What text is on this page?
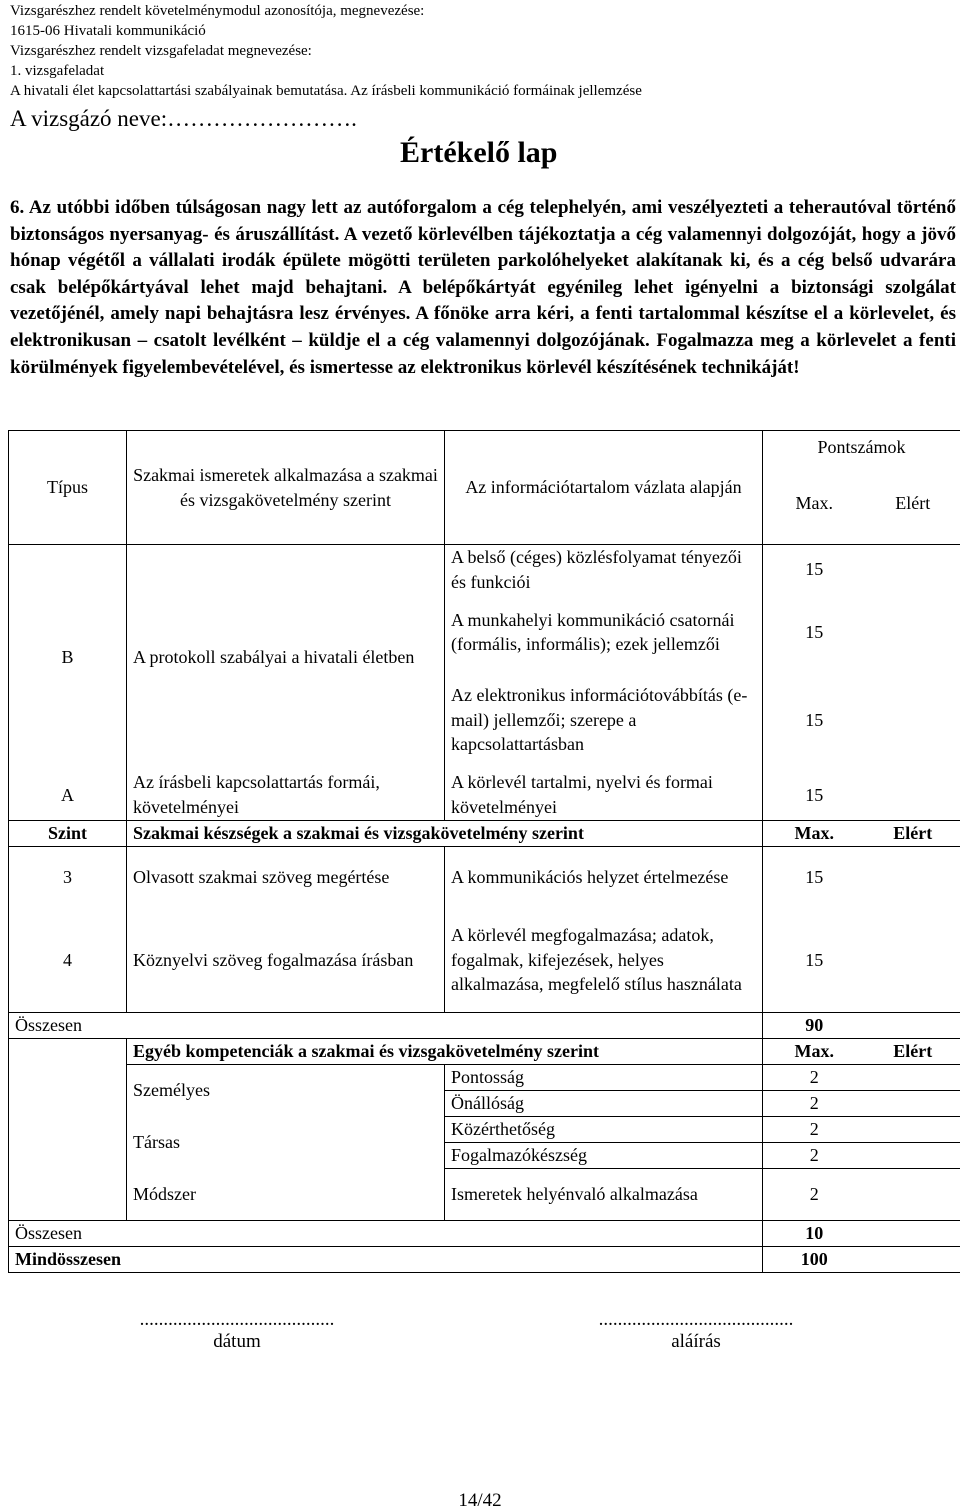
Vizsgarészhez rendelt követelménymodul azonosítója, megnevezése:
1615-06 Hivatali kommunikáció
Vizsgarészhez rendelt vizsgafeladat megnevezése:
1. vizsgafeladat
A hivatali élet kapcsolattartási szabályainak bemutatása. Az írásbeli kommunikáció formáinak jellemzése
A vizsgázó neve:…………………….
Értékelő lap
6. Az utóbbi időben túlságosan nagy lett az autóforgalom a cég telephelyén, ami veszélyezteti a teherautóval történő biztonságos nyersanyag- és áruszállítást. A vezető körlevélben tájékoztatja a cég valamennyi dolgozóját, hogy a jövő hónap végétől a vállalati irodák épülete mögötti területen parkolóhelyeket alakítanak ki, és a cég belső udvarára csak belépőkártyával lehet majd behajtani. A belépőkártyát egyénileg lehet igényelni a biztonsági szolgálat vezetőjénél, amely napi behajtásra lesz érvényes. A főnöke arra kéri, a fenti tartalommal készítse el a körlevelet, és elektronikusan – csatolt levélként – küldje el a cég valamennyi dolgozójának. Fogalmazza meg a körlevelet a fenti körülmények figyelembevételével, és ismertesse az elektronikus körlevél készítésének technikáját!
Típus	Szakmai ismeretek alkalmazása a szakmai és vizsgakövetelmény szerint	Az információtartalom vázlata alapján	Pontszámok	
			Max.	Elért
B	A protokoll szabályai a hivatali életben	A belső (céges) közlésfolyamat tényezői és funkciói	15	
		A munkahelyi kommunikáció csatornái (formális, informális); ezek jellemzői	15	
		Az elektronikus információtovábbítás (e-mail) jellemzői; szerepe a kapcsolattartásban	15	
A	Az írásbeli kapcsolattartás formái, követelményei	A körlevél tartalmi, nyelvi és formai követelményei	15	
Szint	Szakmai készségek a szakmai és vizsgakövetelmény szerint		Max.	Elért
3	Olvasott szakmai szöveg megértése	A kommunikációs helyzet értelmezése	15	
4	Köznyelvi szöveg fogalmazása írásban	A körlevél megfogalmazása; adatok, fogalmak, kifejezések, helyes alkalmazása, megfelelő stílus használata	15	
Összesen			90	
	Egyéb kompetenciák a szakmai és vizsgakövetelmény szerint		Max.	Elért
	Személyes	Pontosság	2	
		Önállóság	2	
	Társas	Közérthetőség	2	
		Fogalmazókészség	2	
	Módszer	Ismeretek helyénvaló alkalmazása	2	
Összesen			10	
Mindösszesen			100	
.........................................
dátum
.........................................
aláírás
14/42
